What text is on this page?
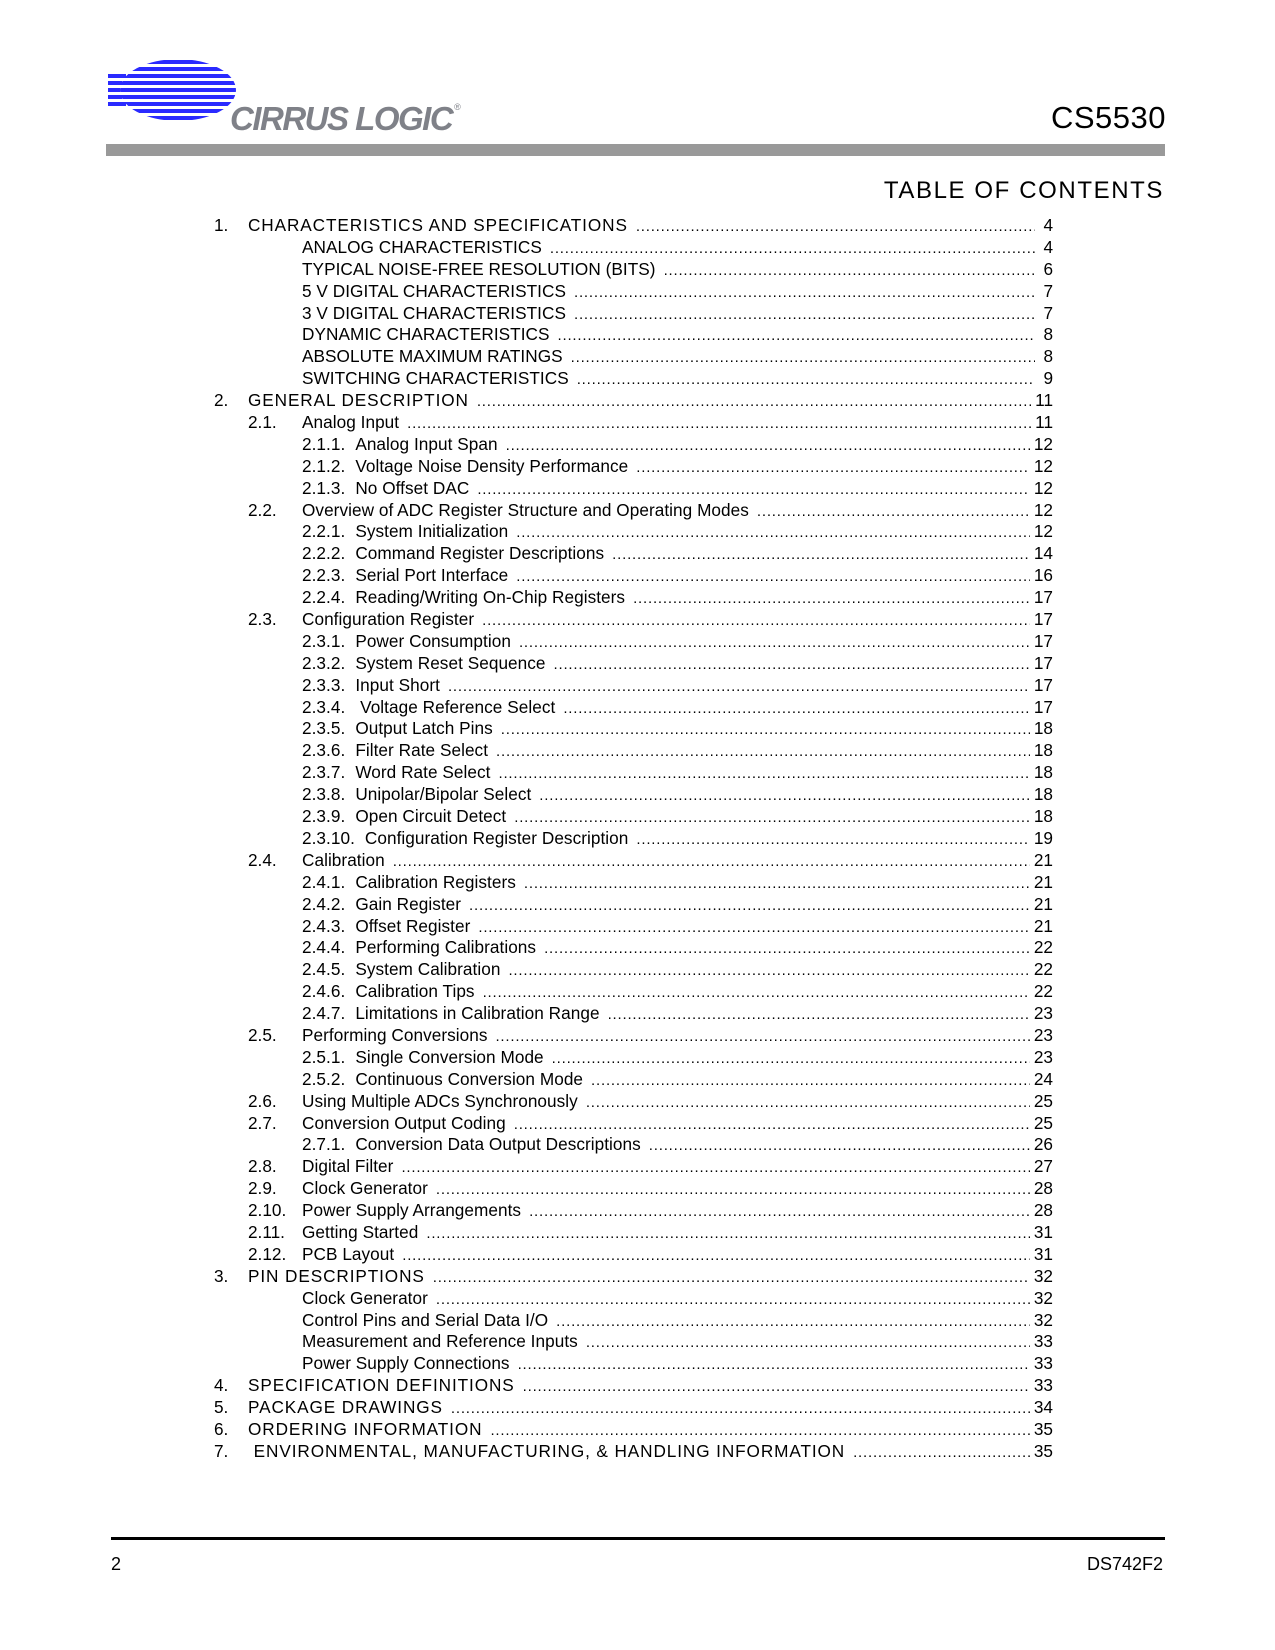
CIRRUS LOGIC ®	CS5530
TABLE OF CONTENTS
1. CHARACTERISTICS AND SPECIFICATIONS .....	4
ANALOG CHARACTERISTICS .....	4
TYPICAL NOISE-FREE RESOLUTION (BITS) .....	6
5 V DIGITAL CHARACTERISTICS .....	7
3 V DIGITAL CHARACTERISTICS .....	7
DYNAMIC CHARACTERISTICS .....	8
ABSOLUTE MAXIMUM RATINGS .....	8
SWITCHING CHARACTERISTICS .....	9
2. GENERAL DESCRIPTION .....	11
2.1. Analog Input .....	11
2.1.1. Analog Input Span .....	12
2.1.2. Voltage Noise Density Performance .....	12
2.1.3. No Offset DAC .....	12
2.2. Overview of ADC Register Structure and Operating Modes .....	12
2.2.1. System Initialization .....	12
2.2.2. Command Register Descriptions .....	14
2.2.3. Serial Port Interface .....	16
2.2.4. Reading/Writing On-Chip Registers .....	17
2.3. Configuration Register .....	17
2.3.1. Power Consumption .....	17
2.3.2. System Reset Sequence .....	17
2.3.3. Input Short .....	17
2.3.4. Voltage Reference Select .....	17
2.3.5. Output Latch Pins .....	18
2.3.6. Filter Rate Select .....	18
2.3.7. Word Rate Select .....	18
2.3.8. Unipolar/Bipolar Select .....	18
2.3.9. Open Circuit Detect .....	18
2.3.10. Configuration Register Description .....	19
2.4. Calibration .....	21
2.4.1. Calibration Registers .....	21
2.4.2. Gain Register .....	21
2.4.3. Offset Register .....	21
2.4.4. Performing Calibrations .....	22
2.4.5. System Calibration .....	22
2.4.6. Calibration Tips .....	22
2.4.7. Limitations in Calibration Range .....	23
2.5. Performing Conversions .....	23
2.5.1. Single Conversion Mode .....	23
2.5.2. Continuous Conversion Mode .....	24
2.6. Using Multiple ADCs Synchronously .....	25
2.7. Conversion Output Coding .....	25
2.7.1. Conversion Data Output Descriptions .....	26
2.8. Digital Filter .....	27
2.9. Clock Generator .....	28
2.10. Power Supply Arrangements .....	28
2.11. Getting Started .....	31
2.12. PCB Layout .....	31
3. PIN DESCRIPTIONS .....	32
Clock Generator .....	32
Control Pins and Serial Data I/O .....	32
Measurement and Reference Inputs .....	33
Power Supply Connections .....	33
4. SPECIFICATION DEFINITIONS .....	33
5. PACKAGE DRAWINGS .....	34
6. ORDERING INFORMATION .....	35
7. ENVIRONMENTAL, MANUFACTURING, & HANDLING INFORMATION .....	35
2	DS742F2
